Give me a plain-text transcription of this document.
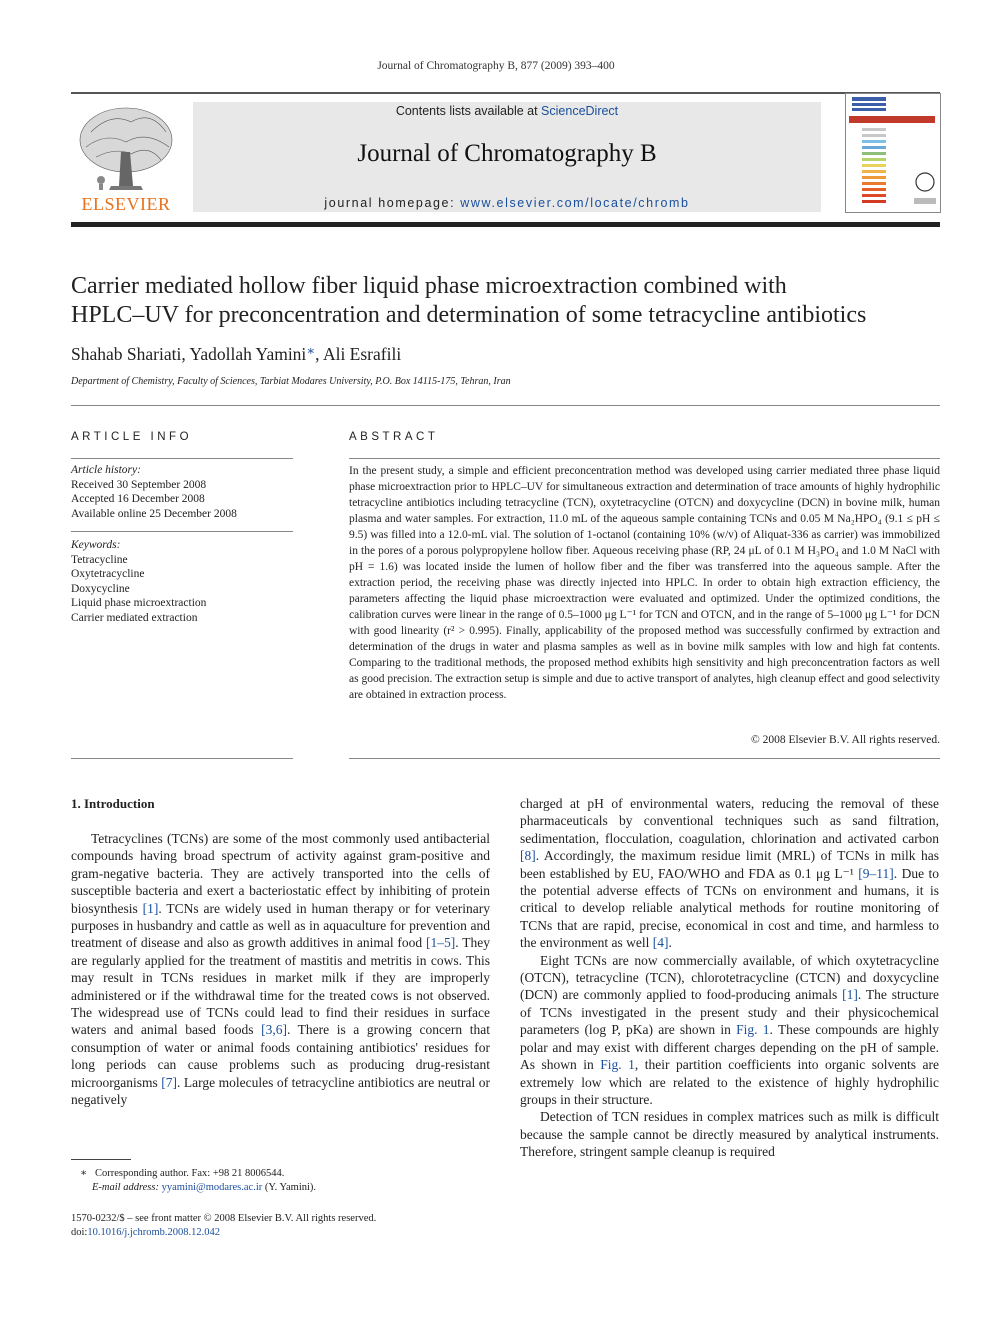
Journal of Chromatography B, 877 (2009) 393–400
ELSEVIER
Contents lists available at ScienceDirect
Journal of Chromatography B
journal homepage: www.elsevier.com/locate/chromb
Carrier mediated hollow fiber liquid phase microextraction combined with
HPLC–UV for preconcentration and determination of some tetracycline antibiotics
Shahab Shariati, Yadollah Yamini∗, Ali Esrafili
Department of Chemistry, Faculty of Sciences, Tarbiat Modares University, P.O. Box 14115-175, Tehran, Iran
ARTICLE INFO
Article history:
Received 30 September 2008
Accepted 16 December 2008
Available online 25 December 2008
Keywords:
Tetracycline
Oxytetracycline
Doxycycline
Liquid phase microextraction
Carrier mediated extraction
ABSTRACT
In the present study, a simple and efficient preconcentration method was developed using carrier mediated three phase liquid phase microextraction prior to HPLC–UV for simultaneous extraction and determination of trace amounts of highly hydrophilic tetracycline antibiotics including tetracycline (TCN), oxytetracycline (OTCN) and doxycycline (DCN) in bovine milk, human plasma and water samples. For extraction, 11.0 mL of the aqueous sample containing TCNs and 0.05 M Na₂HPO₄ (9.1 ≤ pH ≤ 9.5) was filled into a 12.0-mL vial. The solution of 1-octanol (containing 10% (w/v) of Aliquat-336 as carrier) was immobilized in the pores of a porous polypropylene hollow fiber. Aqueous receiving phase (RP, 24 μL of 0.1 M H₃PO₄ and 1.0 M NaCl with pH = 1.6) was located inside the lumen of hollow fiber and the fiber was transferred into the aqueous sample. After the extraction period, the receiving phase was directly injected into HPLC. In order to obtain high extraction efficiency, the parameters affecting the liquid phase microextraction were evaluated and optimized. Under the optimized conditions, the calibration curves were linear in the range of 0.5–1000 μg L⁻¹ for TCN and OTCN, and in the range of 5–1000 μg L⁻¹ for DCN with good linearity (r² > 0.995). Finally, applicability of the proposed method was successfully confirmed by extraction and determination of the drugs in water and plasma samples as well as in bovine milk samples with low and high fat contents. Comparing to the traditional methods, the proposed method exhibits high sensitivity and high preconcentration factors as well as good precision. The extraction setup is simple and due to active transport of analytes, high cleanup effect and good selectivity are obtained in extraction process.
© 2008 Elsevier B.V. All rights reserved.
1. Introduction

Tetracyclines (TCNs) are some of the most commonly used antibacterial compounds having broad spectrum of activity against gram-positive and gram-negative bacteria. They are actively transported into the cells of susceptible bacteria and exert a bacteriostatic effect by inhibiting of protein biosynthesis [1]. TCNs are widely used in human therapy or for veterinary purposes in husbandry and cattle as well as in aquaculture for prevention and treatment of disease and also as growth additives in animal food [1–5]. They are regularly applied for the treatment of mastitis and metritis in cows. This may result in TCNs residues in market milk if they are improperly administered or if the withdrawal time for the treated cows is not observed. The widespread use of TCNs could lead to find their residues in surface waters and animal based foods [3,6]. There is a growing concern that consumption of water or animal foods containing antibiotics' residues for long periods can cause problems such as producing drug-resistant microorganisms [7]. Large molecules of tetracycline antibiotics are neutral or negatively

charged at pH of environmental waters, reducing the removal of these pharmaceuticals by conventional techniques such as sand filtration, sedimentation, flocculation, coagulation, chlorination and activated carbon [8]. Accordingly, the maximum residue limit (MRL) of TCNs in milk has been established by EU, FAO/WHO and FDA as 0.1 μg L⁻¹ [9–11]. Due to the potential adverse effects of TCNs on environment and humans, it is critical to develop reliable analytical methods for routine monitoring of TCNs that are rapid, precise, economical in cost and time, and harmless to the environment as well [4].

Eight TCNs are now commercially available, of which oxytetracycline (OTCN), tetracycline (TCN), chlorotetracycline (CTCN) and doxycycline (DCN) are commonly applied to food-producing animals [1]. The structure of TCNs investigated in the present study and their physicochemical parameters (log P, pKa) are shown in Fig. 1. These compounds are highly polar and may exist with different charges depending on the pH of sample. As shown in Fig. 1, their partition coefficients into organic solvents are extremely low which are related to the existence of highly hydrophilic groups in their structure.

Detection of TCN residues in complex matrices such as milk is difficult because the sample cannot be directly measured by analytical instruments. Therefore, stringent sample cleanup is required

∗   Corresponding author. Fax: +98 21 8006544.
E-mail address: yyamini@modares.ac.ir (Y. Yamini).
1570-0232/$ – see front matter © 2008 Elsevier B.V. All rights reserved.
doi:10.1016/j.jchromb.2008.12.042
